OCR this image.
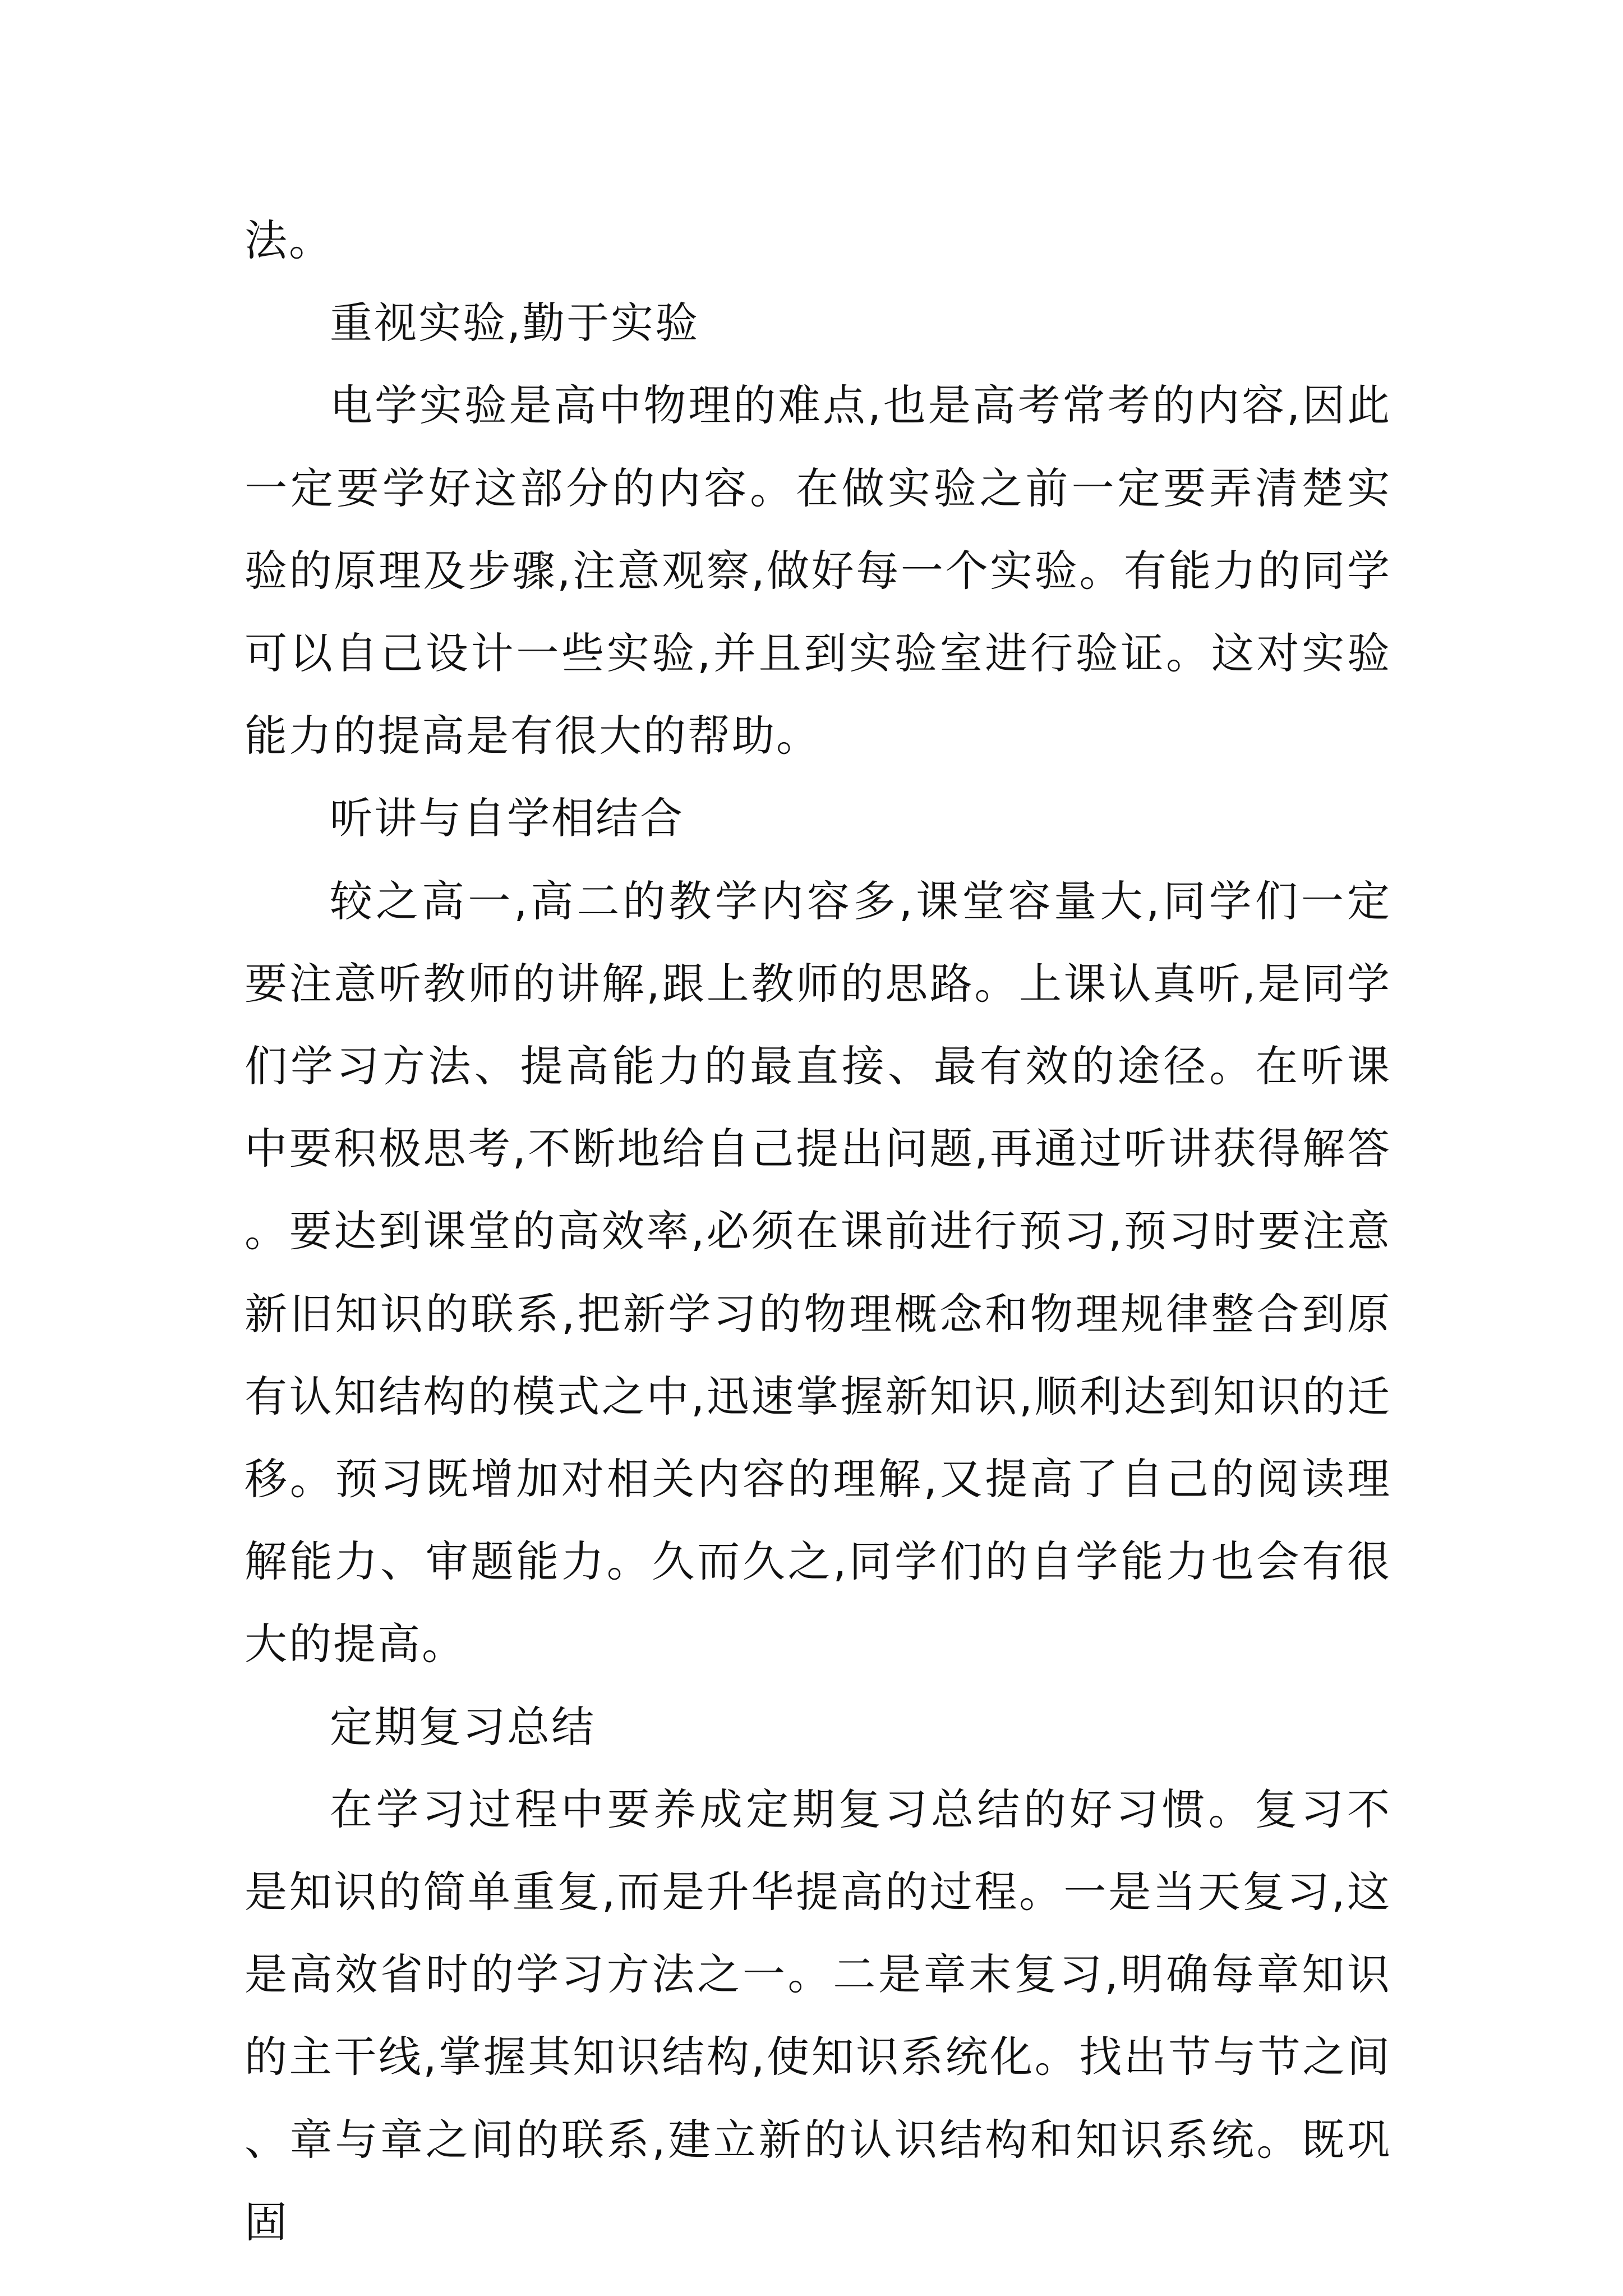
法。

重视实验,勤于实验

电学实验是高中物理的难点,也是高考常考的内容,因此一定要学好这部分的内容。在做实验之前一定要弄清楚实验的原理及步骤,注意观察,做好每一个实验。有能力的同学可以自己设计一些实验,并且到实验室进行验证。这对实验能力的提高是有很大的帮助。

听讲与自学相结合

较之高一,高二的教学内容多,课堂容量大,同学们一定要注意听教师的讲解,跟上教师的思路。上课认真听,是同学们学习方法、提高能力的最直接、最有效的途径。在听课中要积极思考,不断地给自己提出问题,再通过听讲获得解答。要达到课堂的高效率,必须在课前进行预习,预习时要注意新旧知识的联系,把新学习的物理概念和物理规律整合到原有认知结构的模式之中,迅速掌握新知识,顺利达到知识的迁移。预习既增加对相关内容的理解,又提高了自己的阅读理解能力、审题能力。久而久之,同学们的自学能力也会有很大的提高。

定期复习总结

在学习过程中要养成定期复习总结的好习惯。复习不是知识的简单重复,而是升华提高的过程。一是当天复习,这是高效省时的学习方法之一。二是章末复习,明确每章知识的主干线,掌握其知识结构,使知识系统化。找出节与节之间、章与章之间的联系,建立新的认识结构和知识系统。既巩固
